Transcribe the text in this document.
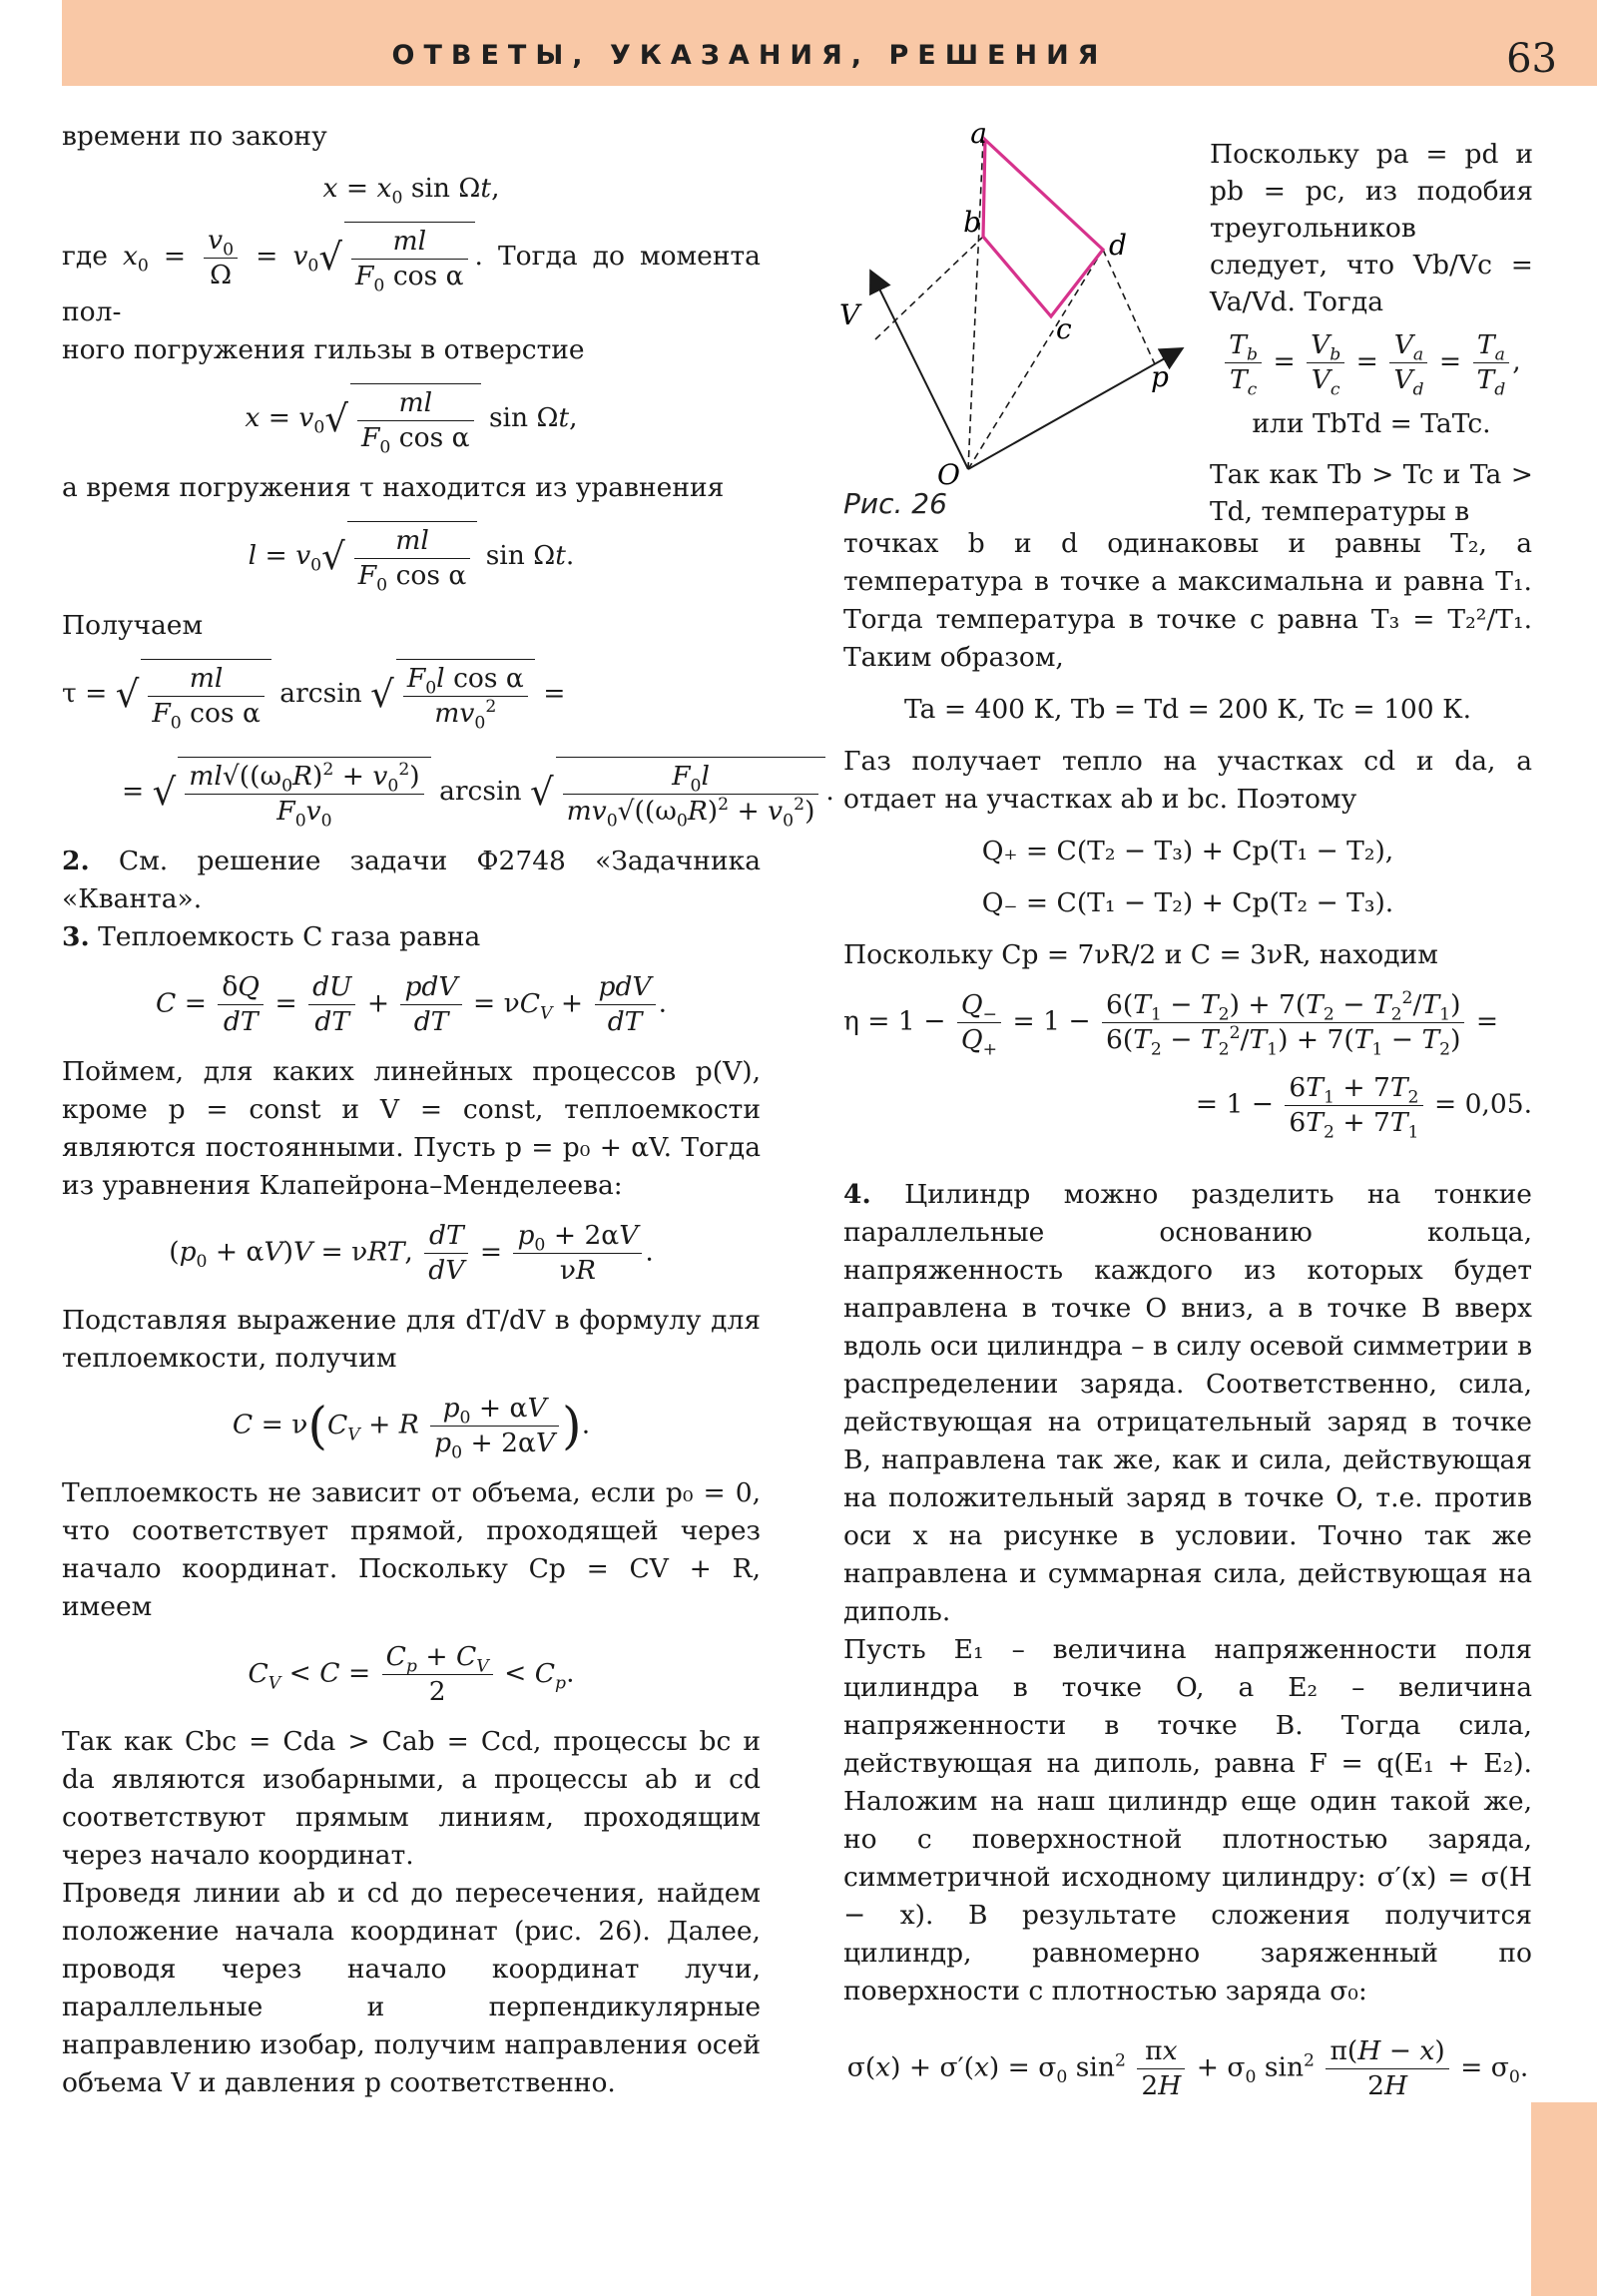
ОТВЕТЫ, УКАЗАНИЯ, РЕШЕНИЯ	63

времени по закону

$x = x_0$ sin Ωt,

где $x_0 = \frac{v_0}{\Omega} = v_0√ \frac{ml}{F_0 \cos \alpha}$ . Тогда до момента пол-

ного погружения гильзы в отверстие

$x = v_0√ \frac{ml}{F_0 \cos \alpha}$ sin Ωt,

а время погружения τ находится из уравнения

$l = v_0√ \frac{ml}{F_0 \cos \alpha}$ sin Ωt.

Получаем

τ = √ $\frac{ml}{F_0 \cos \alpha}$ arcsin √ $\frac{F_0l \cos \alpha}{mv_0^2}$ =
= √ $\frac{ml√((\omega_0R)^2 + v_0^2)}{F_0v_0}$ arcsin √ $\frac{F_0l}{mv_0√((\omega_0R)^2 + v_0^2)}$ .

2. См. решение задачи Ф2748 «Задачника «Кванта».

3. Теплоемкость C газа равна

$C = \frac{\delta Q}{dT} = \frac{dU}{dT} + \frac{\text{pdV}}{dT} = \nu C_V + \frac{\text{pdV}}{dT}$ .

Поймем, для каких линейных процессов p(V), кроме p = const и V = const, теплоемкости являются постоянными. Пусть p = p₀ + αV. Тогда из уравнения Клапейрона–Менделеева:

$(p_0 + \alpha V)V = \nu RT$, $\frac{dT}{dV} = \frac{p_0 + 2\alpha V}{\nu R}$ .

Подставляя выражение для dT/dV в формулу для теплоемкости, получим

$C = \nu(C_V + R \frac{p_0 + \alpha V}{p_0 + 2\alpha V}$ ).

Теплоемкость не зависит от объема, если p₀ = 0, что соответствует прямой, проходящей через начало координат. Поскольку Cp = CV + R, имеем

$C_V < C = \frac{C_p + C_V}{2} < C_p$.

Так как Cbc = Cda > Cab = Ccd, процессы bc и da являются изобарными, а процессы ab и cd соответствуют прямым линиям, проходящим через начало координат.

Проведя линии ab и cd до пересечения, найдем положение начала координат (рис. 26). Далее, проводя через начало координат лучи, параллельные и перпендикулярные направлению изобар, получим направления осей объема V и давления p соответственно.

a
b
c
d
V
p
O
Рис. 26

Поскольку pa = pd и pb = pc, из подобия треугольников следует, что Vb/Vc = Va/Vd. Тогда

$\frac{T_b}{T_c} = \frac{V_b}{V_c} = \frac{V_a}{V_d} = \frac{T_a}{T_d}$ ,
или TbTd = TaTc.

Так как Tb > Tc и Ta > Td, температуры в

точках b и d одинаковы и равны T₂, а температура в точке a максимальна и равна T₁. Тогда температура в точке c равна T₃ = T₂²/T₁. Таким образом,

Ta = 400 К, Tb = Td = 200 К, Tc = 100 К.

Газ получает тепло на участках cd и da, а отдает на участках ab и bc. Поэтому

Q₊ = C(T₂ − T₃) + Cp(T₁ − T₂),
Q₋ = C(T₁ − T₂) + Cp(T₂ − T₃).

Поскольку Cp = 7νR/2 и C = 3νR, находим

$\eta = 1 - \frac{Q_-}{Q_+} = 1 - \frac{6(T_1 - T_2) + 7(T_2 - T_2^2/T_1)}{6(T_2 - T_2^2/T_1) + 7(T_1 - T_2)}$ =
= $1 - \frac{6T_1 + 7T_2}{6T_2 + 7T_1} = 0,05$.

4. Цилиндр можно разделить на тонкие параллельные основанию кольца, напряженность каждого из которых будет направлена в точке O вниз, а в точке B вверх вдоль оси цилиндра – в силу осевой симметрии в распределении заряда. Соответственно, сила, действующая на отрицательный заряд в точке B, направлена так же, как и сила, действующая на положительный заряд в точке O, т.е. против оси x на рисунке в условии. Точно так же направлена и суммарная сила, действующая на диполь.

Пусть E₁ – величина напряженности поля цилиндра в точке O, а E₂ – величина напряженности в точке B. Тогда сила, действующая на диполь, равна F = q(E₁ + E₂). Наложим на наш цилиндр еще один такой же, но с поверхностной плотностью заряда, симметричной исходному цилиндру: σ′(x) = σ(H − x). В результате сложения получится цилиндр, равномерно заряженный по поверхности с плотностью заряда σ₀:

$\sigma(x) + \sigma'(x) = \sigma_0$ $\sin^2 \frac{\pi x}{2H} + \sigma_0$ $\sin^2 \frac{\pi(H - x)}{2H} = \sigma_0$.
